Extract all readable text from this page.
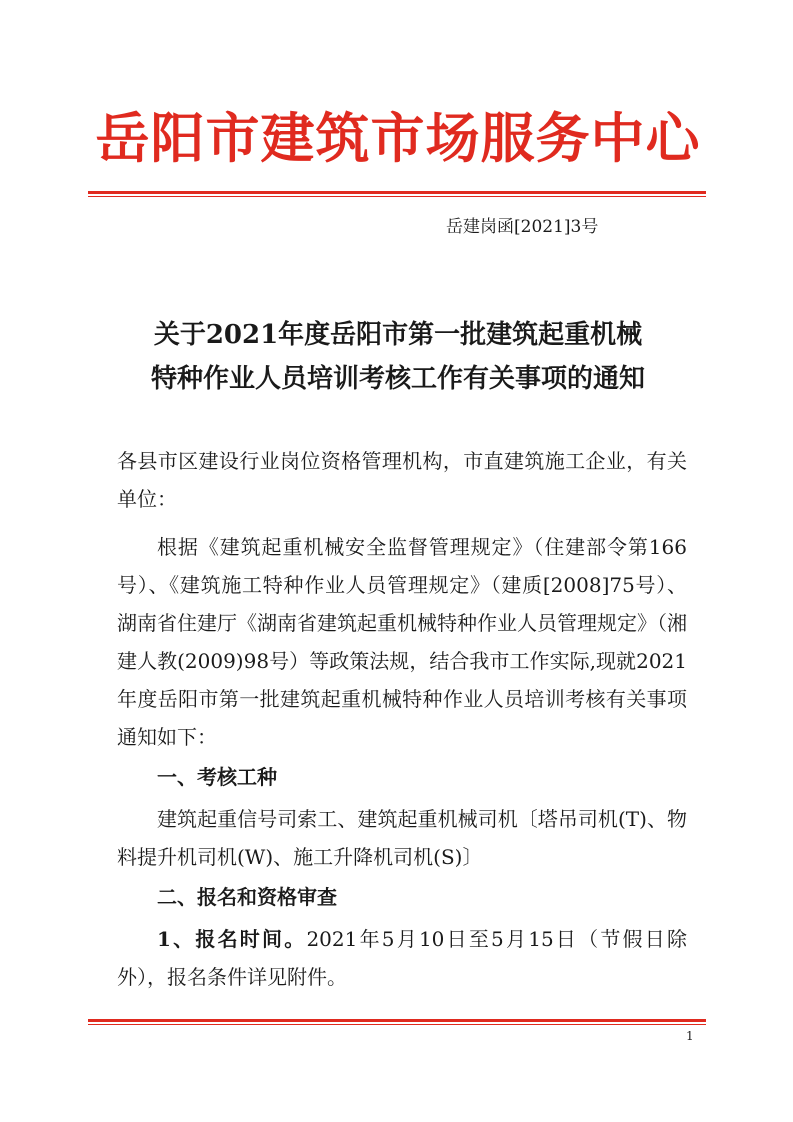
岳阳市建筑市场服务中心
岳建岗函[2021]3号
关于2021年度岳阳市第一批建筑起重机械
特种作业人员培训考核工作有关事项的通知

各县市区建设行业岗位资格管理机构，市直建筑施工企业，有关单位：

根据《建筑起重机械安全监督管理规定》（住建部令第166号）、《建筑施工特种作业人员管理规定》（建质[2008]75号）、湖南省住建厅《湖南省建筑起重机械特种作业人员管理规定》（湘建人教(2009)98号）等政策法规，结合我市工作实际,现就2021年度岳阳市第一批建筑起重机械特种作业人员培训考核有关事项通知如下：

一、考核工种

建筑起重信号司索工、建筑起重机械司机〔塔吊司机(T)、物料提升机司机(W)、施工升降机司机(S)〕

二、报名和资格审查

1、报名时间。2021年5月10日至5月15日（节假日除外），报名条件详见附件。

1
